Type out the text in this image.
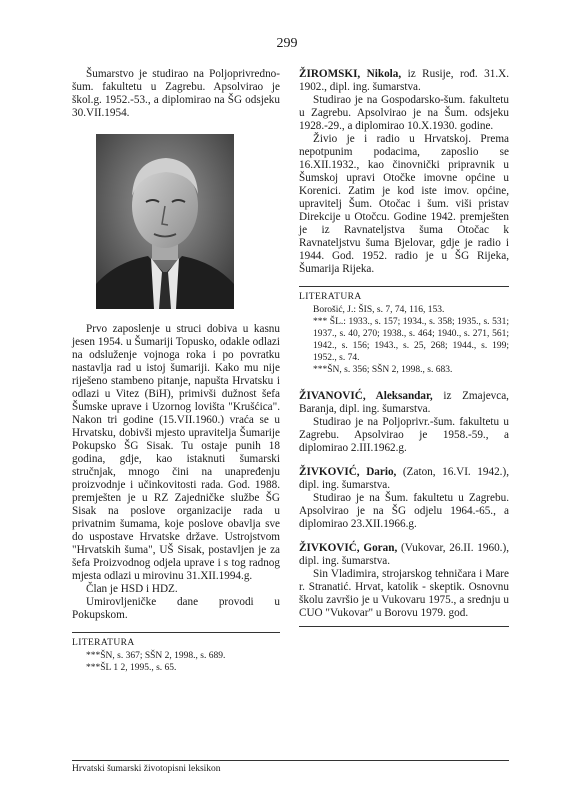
299

Šumarstvo je studirao na Poljoprivredno-šum. fakultetu u Zagrebu. Apsolvirao je škol.g. 1952.-53., a diplomirao na ŠG odsjeku 30.VII.1954.

Prvo zaposlenje u struci dobiva u kasnu jesen 1954. u Šumariji Topusko, odakle odlazi na odsluženje vojnoga roka i po povratku nastavlja rad u istoj šumariji. Kako mu nije riješeno stambeno pitanje, napušta Hrvatsku i odlazi u Vitez (BiH), primivši dužnost šefa Šumske uprave i Uzornog lovišta "Krušćica". Nakon tri godine (15.VII.1960.) vraća se u Hrvatsku, dobivši mjesto upravitelja Šumarije Pokupsko ŠG Sisak. Tu ostaje punih 18 godina, gdje, kao istaknuti šumarski stručnjak, mnogo čini na unapređenju proizvodnje i učinkovitosti rada. God. 1988. premješten je u RZ Zajedničke službe ŠG Sisak na poslove organizacije rada u privatnim šumama, koje poslove obavlja sve do uspostave Hrvatske države. Ustrojstvom "Hrvatskih šuma", UŠ Sisak, postavljen je za šefa Proizvodnog odjela uprave i s tog radnog mjesta odlazi u mirovinu 31.XII.1994.g.

Član je HSD i HDZ.

Umirovljeničke dane provodi u Pokupskom.

LITERATURA
***ŠN, s. 367; SŠN 2, 1998., s. 689.
***ŠL 1 2, 1995., s. 65.

ŽIROMSKI, Nikola, iz Rusije, rođ. 31.X. 1902., dipl. ing. šumarstva.

Studirao je na Gospodarsko-šum. fakultetu u Zagrebu. Apsolvirao je na Šum. odsjeku 1928.-29., a diplomirao 10.X.1930. godine.

Živio je i radio u Hrvatskoj. Prema nepotpunim podacima, zaposlio se 16.XII.1932., kao činovnički pripravnik u Šumskoj upravi Otočke imovne općine u Korenici. Zatim je kod iste imov. općine, upravitelj Šum. Otočac i šum. viši pristav Direkcije u Otočcu. Godine 1942. premješten je iz Ravnateljstva šuma Otočac k Ravnateljstvu šuma Bjelovar, gdje je radio i 1944. God. 1952. radio je u ŠG Rijeka, Šumarija Rijeka.

LITERATURA
Borošić, J.: ŠIS, s. 7, 74, 116, 153.
*** ŠL.: 1933., s. 157; 1934., s. 358; 1935., s. 531; 1937., s. 40, 270; 1938., s. 464; 1940., s. 271, 561; 1942., s. 156; 1943., s. 25, 268; 1944., s. 199; 1952., s. 74.
***ŠN, s. 356; SŠN 2, 1998., s. 683.

ŽIVANOVIĆ, Aleksandar, iz Zmajevca, Baranja, dipl. ing. šumarstva.

Studirao je na Poljoprivr.-šum. fakultetu u Zagrebu. Apsolvirao je 1958.-59., a diplomirao 2.III.1962.g.

ŽIVKOVIĆ, Dario, (Zaton, 16.VI. 1942.), dipl. ing. šumarstva.

Studirao je na Šum. fakultetu u Zagrebu. Apsolvirao je na ŠG odjelu 1964.-65., a diplomirao 23.XII.1966.g.

ŽIVKOVIĆ, Goran, (Vukovar, 26.II. 1960.), dipl. ing. šumarstva.

Sin Vladimira, strojarskog tehničara i Mare r. Stranatić. Hrvat, katolik - skeptik. Osnovnu školu završio je u Vukovaru 1975., a srednju u CUO "Vukovar" u Borovu 1979. god.

Hrvatski šumarski životopisni leksikon
